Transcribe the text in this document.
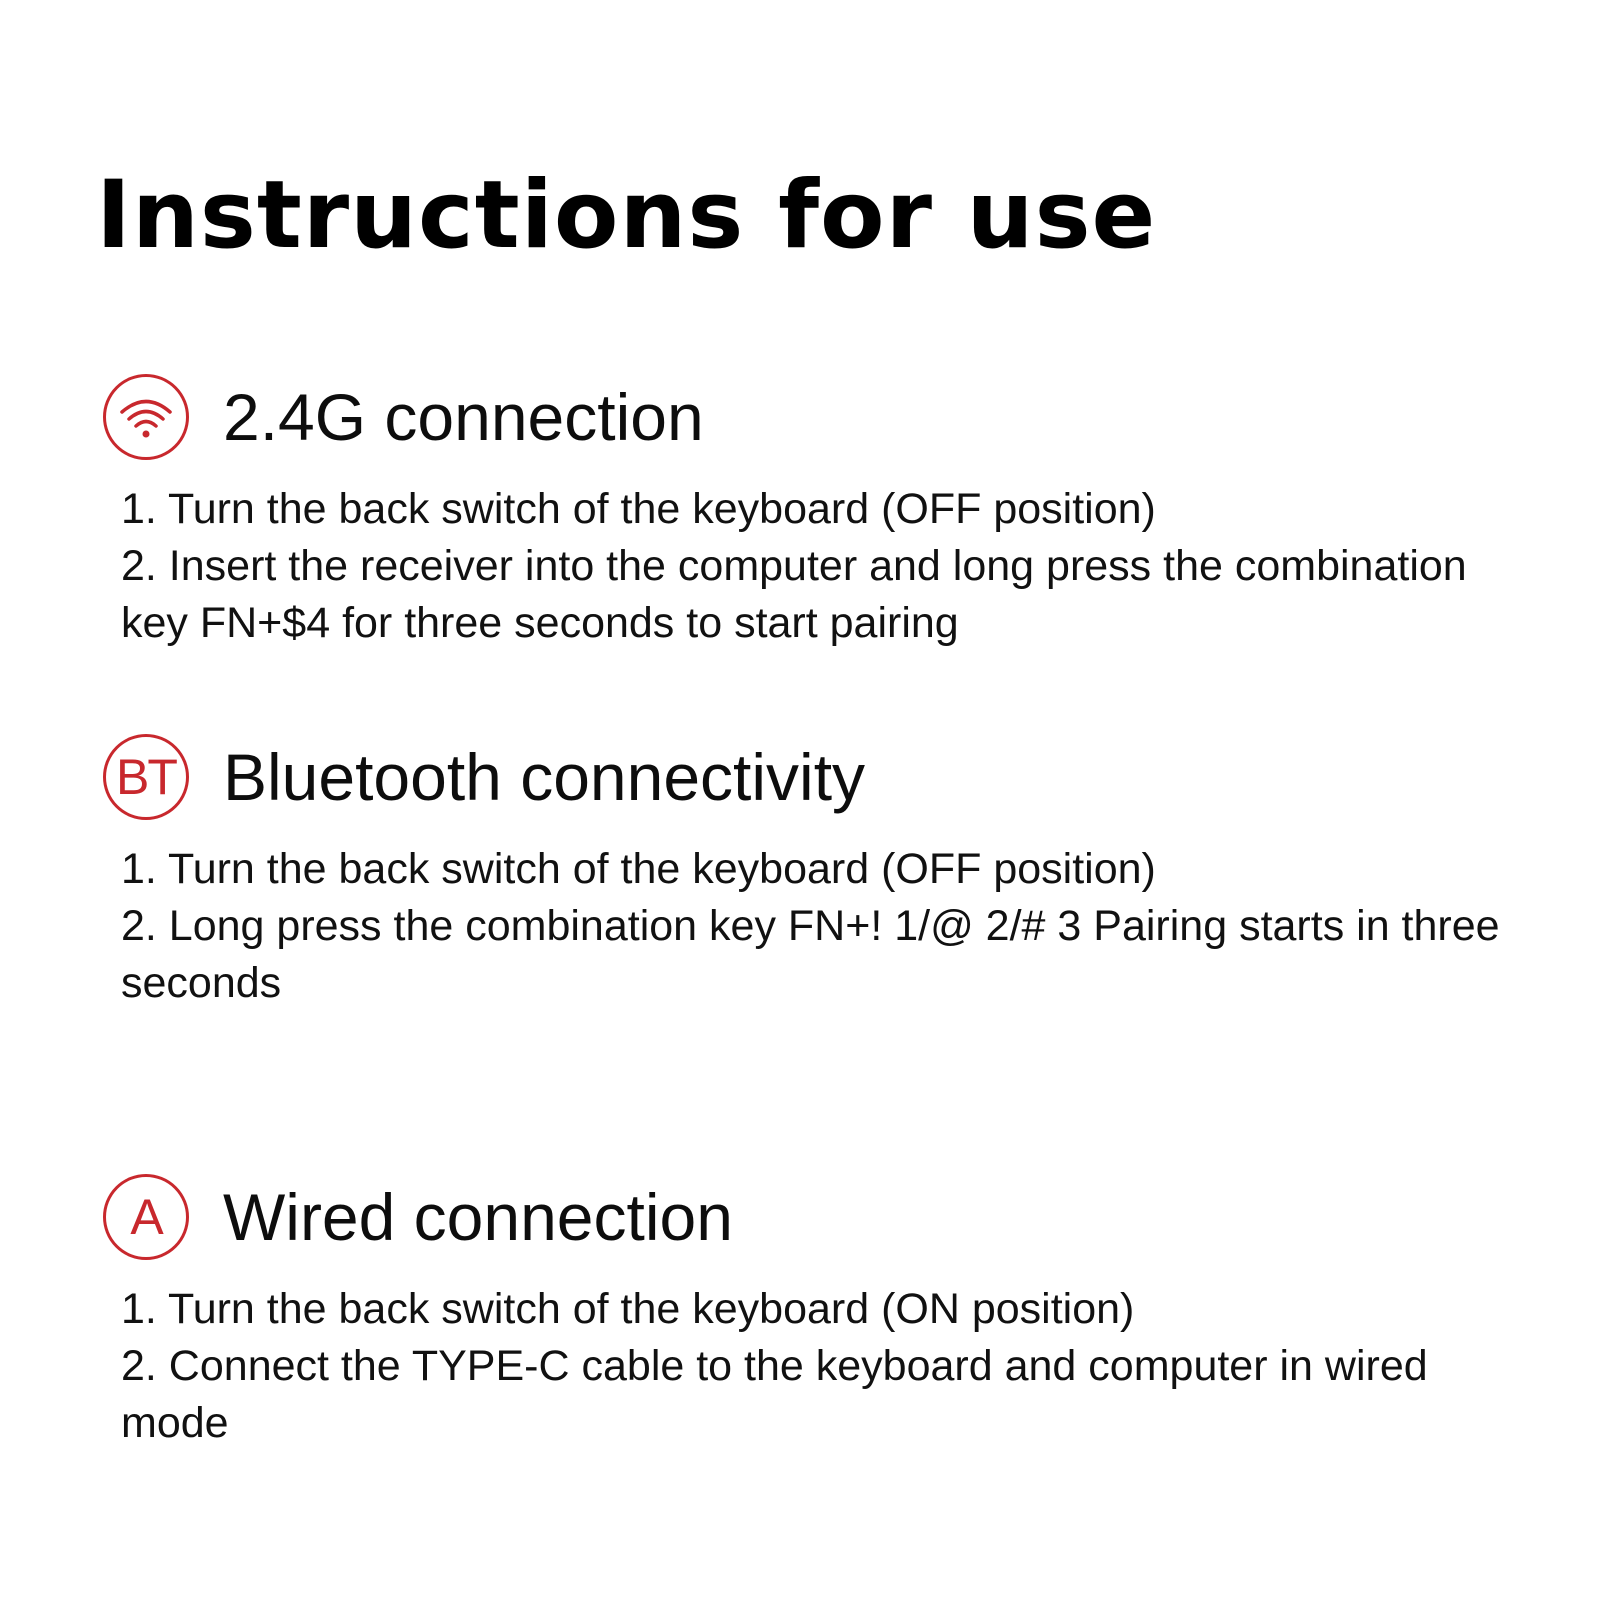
Instructions for use
2.4G connection
1. Turn the back switch of the keyboard (OFF position)
2. Insert the receiver into the computer and long press the combination key FN+$4 for three seconds to start pairing
BT Bluetooth connectivity
1. Turn the back switch of the keyboard (OFF position)
2. Long press the combination key FN+! 1/@ 2/# 3 Pairing starts in three seconds
A Wired connection
1. Turn the back switch of the keyboard (ON position)
2. Connect the TYPE-C cable to the keyboard and computer in wired mode
